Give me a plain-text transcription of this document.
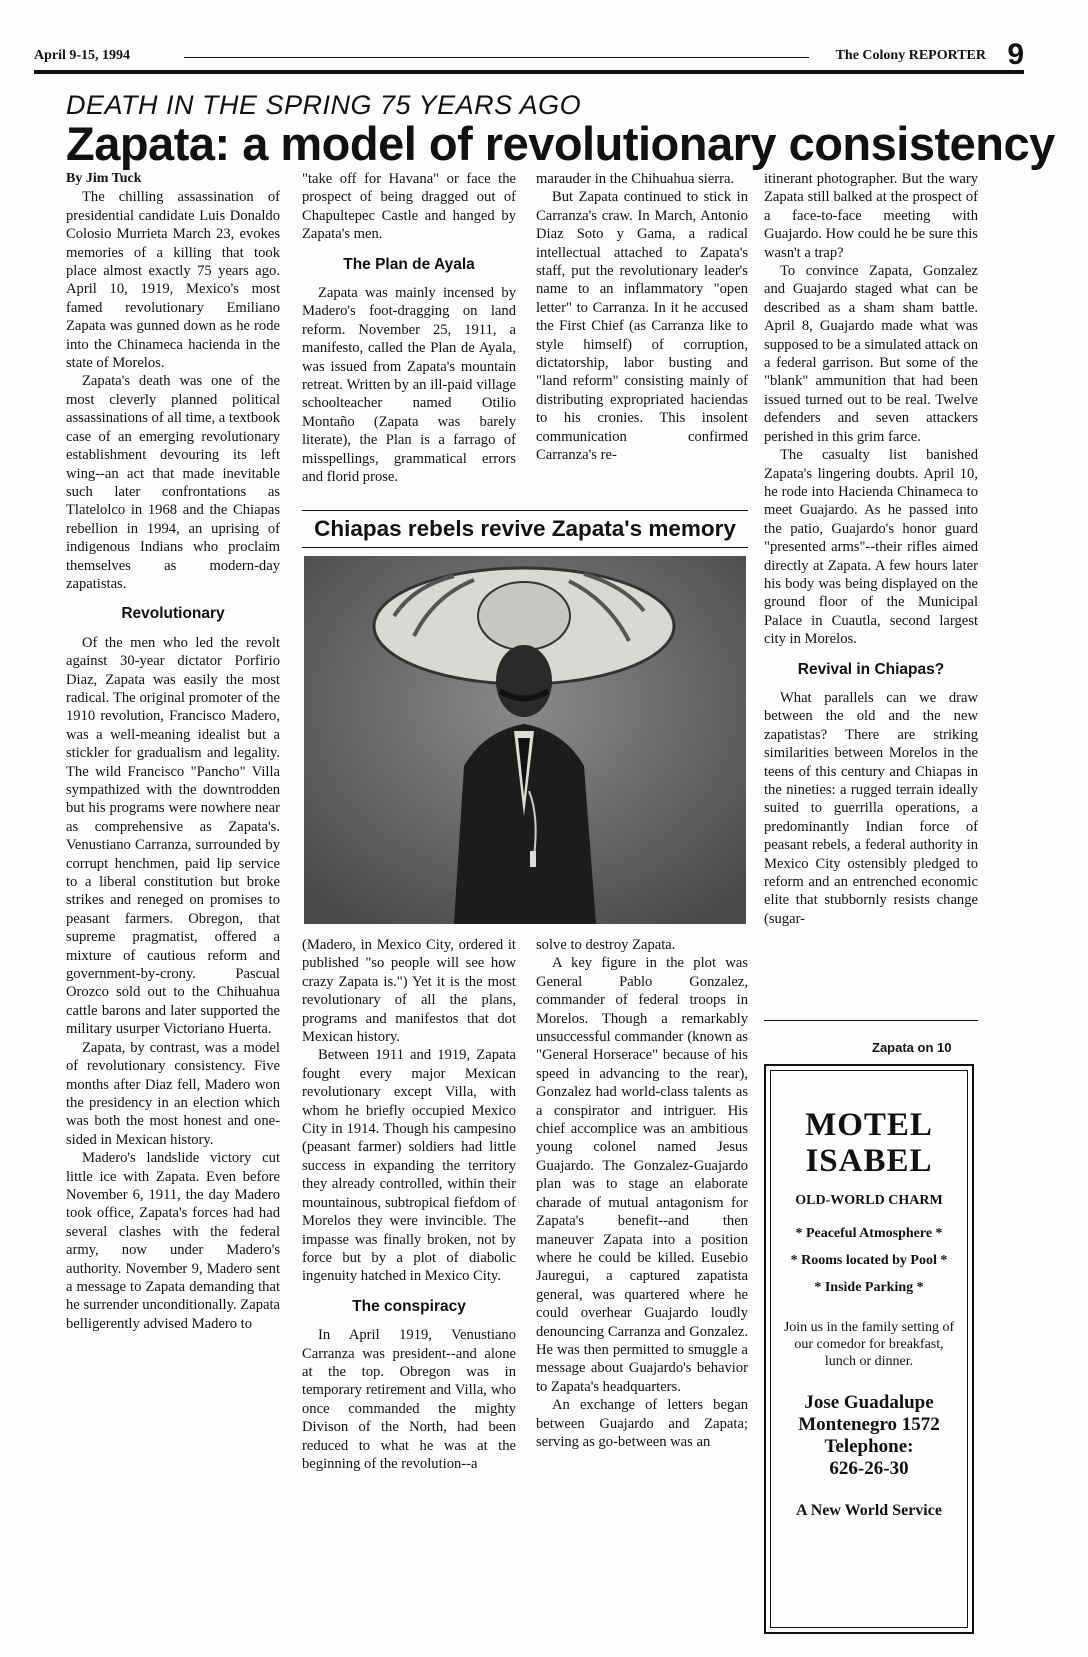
April 9-15, 1994	The Colony REPORTER 9
DEATH IN THE SPRING 75 YEARS AGO
Zapata: a model of revolutionary consistency

By Jim Tuck

The chilling assassination of presidential candidate Luis Donaldo Colosio Murrieta March 23, evokes memories of a killing that took place almost exactly 75 years ago. April 10, 1919, Mexico's most famed revolutionary Emiliano Zapata was gunned down as he rode into the Chinameca hacienda in the state of Morelos.

Zapata's death was one of the most cleverly planned political assassinations of all time, a textbook case of an emerging revolutionary establishment devouring its left wing--an act that made inevitable such later confrontations as Tlatelolco in 1968 and the Chiapas rebellion in 1994, an uprising of indigenous Indians who proclaim themselves as modern-day zapatistas.

Revolutionary

Of the men who led the revolt against 30-year dictator Porfirio Diaz, Zapata was easily the most radical. The original promoter of the 1910 revolution, Francisco Madero, was a well-meaning idealist but a stickler for gradualism and legality. The wild Francisco "Pancho" Villa sympathized with the downtrodden but his programs were nowhere near as comprehensive as Zapata's. Venustiano Carranza, surrounded by corrupt henchmen, paid lip service to a liberal constitution but broke strikes and reneged on promises to peasant farmers. Obregon, that supreme pragmatist, offered a mixture of cautious reform and government-by-crony. Pascual Orozco sold out to the Chihuahua cattle barons and later supported the military usurper Victoriano Huerta.

Zapata, by contrast, was a model of revolutionary consistency. Five months after Diaz fell, Madero won the presidency in an election which was both the most honest and one-sided in Mexican history.

Madero's landslide victory cut little ice with Zapata. Even before November 6, 1911, the day Madero took office, Zapata's forces had had several clashes with the federal army, now under Madero's authority. November 9, Madero sent a message to Zapata demanding that he surrender unconditionally. Zapata belligerently advised Madero to

"take off for Havana" or face the prospect of being dragged out of Chapultepec Castle and hanged by Zapata's men.

The Plan de Ayala

Zapata was mainly incensed by Madero's foot-dragging on land reform. November 25, 1911, a manifesto, called the Plan de Ayala, was issued from Zapata's mountain retreat. Written by an ill-paid village schoolteacher named Otilio Montaño (Zapata was barely literate), the Plan is a farrago of misspellings, grammatical errors and florid prose.

marauder in the Chihuahua sierra.

But Zapata continued to stick in Carranza's craw. In March, Antonio Diaz Soto y Gama, a radical intellectual attached to Zapata's staff, put the revolutionary leader's name to an inflammatory "open letter" to Carranza. In it he accused the First Chief (as Carranza like to style himself) of corruption, dictatorship, labor busting and "land reform" consisting mainly of distributing expropriated haciendas to his cronies. This insolent communication confirmed Carranza's re-

Chiapas rebels revive Zapata's memory

(Madero, in Mexico City, ordered it published "so people will see how crazy Zapata is.") Yet it is the most revolutionary of all the plans, programs and manifestos that dot Mexican history.

Between 1911 and 1919, Zapata fought every major Mexican revolutionary except Villa, with whom he briefly occupied Mexico City in 1914. Though his campesino (peasant farmer) soldiers had little success in expanding the territory they already controlled, within their mountainous, subtropical fiefdom of Morelos they were invincible. The impasse was finally broken, not by force but by a plot of diabolic ingenuity hatched in Mexico City.

The conspiracy

In April 1919, Venustiano Carranza was president--and alone at the top. Obregon was in temporary retirement and Villa, who once commanded the mighty Divison of the North, had been reduced to what he was at the beginning of the revolution--a

solve to destroy Zapata.

A key figure in the plot was General Pablo Gonzalez, commander of federal troops in Morelos. Though a remarkably unsuccessful commander (known as "General Horserace" because of his speed in advancing to the rear), Gonzalez had world-class talents as a conspirator and intriguer. His chief accomplice was an ambitious young colonel named Jesus Guajardo. The Gonzalez-Guajardo plan was to stage an elaborate charade of mutual antagonism for Zapata's benefit--and then maneuver Zapata into a position where he could be killed. Eusebio Jauregui, a captured zapatista general, was quartered where he could overhear Guajardo loudly denouncing Carranza and Gonzalez. He was then permitted to smuggle a message about Guajardo's behavior to Zapata's headquarters.

An exchange of letters began between Guajardo and Zapata; serving as go-between was an

itinerant photographer. But the wary Zapata still balked at the prospect of a face-to-face meeting with Guajardo. How could he be sure this wasn't a trap?

To convince Zapata, Gonzalez and Guajardo staged what can be described as a sham sham battle. April 8, Guajardo made what was supposed to be a simulated attack on a federal garrison. But some of the "blank" ammunition that had been issued turned out to be real. Twelve defenders and seven attackers perished in this grim farce.

The casualty list banished Zapata's lingering doubts. April 10, he rode into Hacienda Chinameca to meet Guajardo. As he passed into the patio, Guajardo's honor guard "presented arms"--their rifles aimed directly at Zapata. A few hours later his body was being displayed on the ground floor of the Municipal Palace in Cuautla, second largest city in Morelos.

Revival in Chiapas?

What parallels can we draw between the old and the new zapatistas? There are striking similarities between Morelos in the teens of this century and Chiapas in the nineties: a rugged terrain ideally suited to guerrilla operations, a predominantly Indian force of peasant rebels, a federal authority in Mexico City ostensibly pledged to reform and an entrenched economic elite that stubbornly resists change (sugar-

Zapata on 10
MOTEL
ISABEL
OLD-WORLD CHARM
* Peaceful Atmosphere *
* Rooms located by Pool *
* Inside Parking *
Join us in the family setting of our comedor for breakfast, lunch or dinner.
Jose Guadalupe
Montenegro 1572
Telephone:
626-26-30
A New World Service
